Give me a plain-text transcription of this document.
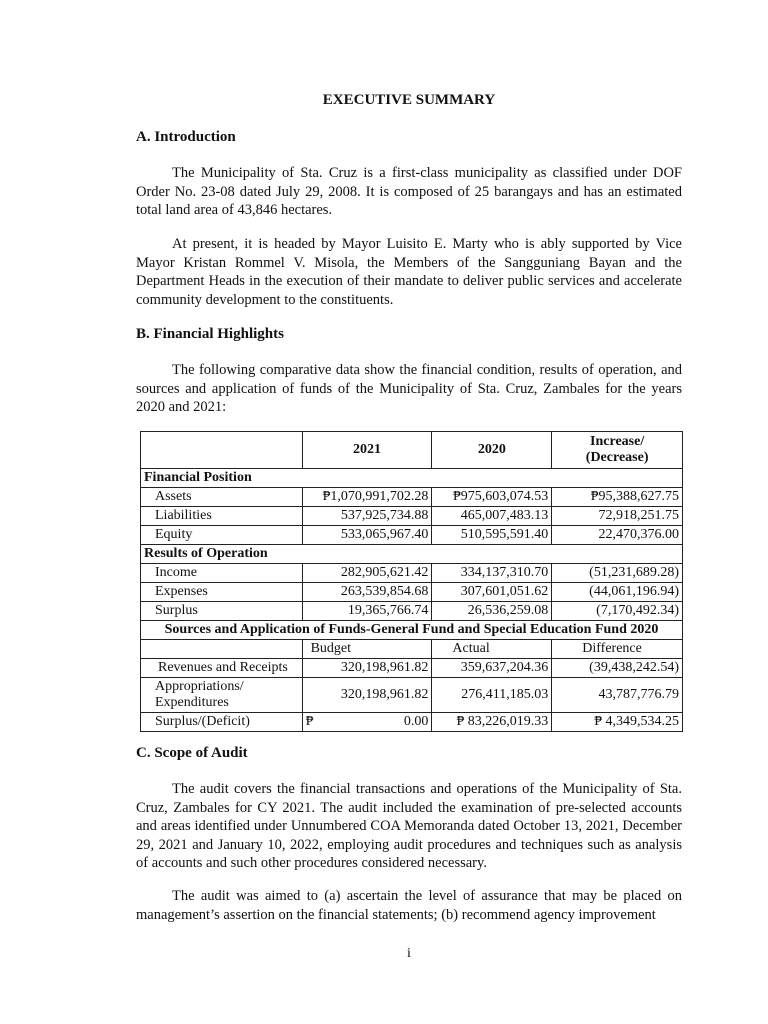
EXECUTIVE SUMMARY
A. Introduction

The Municipality of Sta. Cruz is a first-class municipality as classified under DOF Order No. 23-08 dated July 29, 2008. It is composed of 25 barangays and has an estimated total land area of 43,846 hectares.

At present, it is headed by Mayor Luisito E. Marty who is ably supported by Vice Mayor Kristan Rommel V. Misola, the Members of the Sangguniang Bayan and the Department Heads in the execution of their mandate to deliver public services and accelerate community development to the constituents.

B. Financial Highlights

The following comparative data show the financial condition, results of operation, and sources and application of funds of the Municipality of Sta. Cruz, Zambales for the years 2020 and 2021:

	2021	2020	Increase/
(Decrease)

Financial Position			
Assets	₱1,070,991,702.28	₱975,603,074.53	₱95,388,627.75
Liabilities	537,925,734.88	465,007,483.13	72,918,251.75
Equity	533,065,967.40	510,595,591.40	22,470,376.00
Results of Operation			
Income	282,905,621.42	334,137,310.70	(51,231,689.28)
Expenses	263,539,854.68	307,601,051.62	(44,061,196.94)
Surplus	19,365,766.74	26,536,259.08	(7,170,492.34)
Sources and Application of Funds-General Fund and Special Education Fund 2020			
	Budget	Actual	Difference
Revenues and Receipts	320,198,961.82	359,637,204.36	(39,438,242.54)

Appropriations/
Expenditures	320,198,961.82	276,411,185.03	43,787,776.79
Surplus/(Deficit)	₱ 0.00	₱ 83,226,019.33	₱ 4,349,534.25
C. Scope of Audit

The audit covers the financial transactions and operations of the Municipality of Sta. Cruz, Zambales for CY 2021. The audit included the examination of pre-selected accounts and areas identified under Unnumbered COA Memoranda dated October 13, 2021, December 29, 2021 and January 10, 2022, employing audit procedures and techniques such as analysis of accounts and such other procedures considered necessary.

The audit was aimed to (a) ascertain the level of assurance that may be placed on management’s assertion on the financial statements; (b) recommend agency improvement

i
